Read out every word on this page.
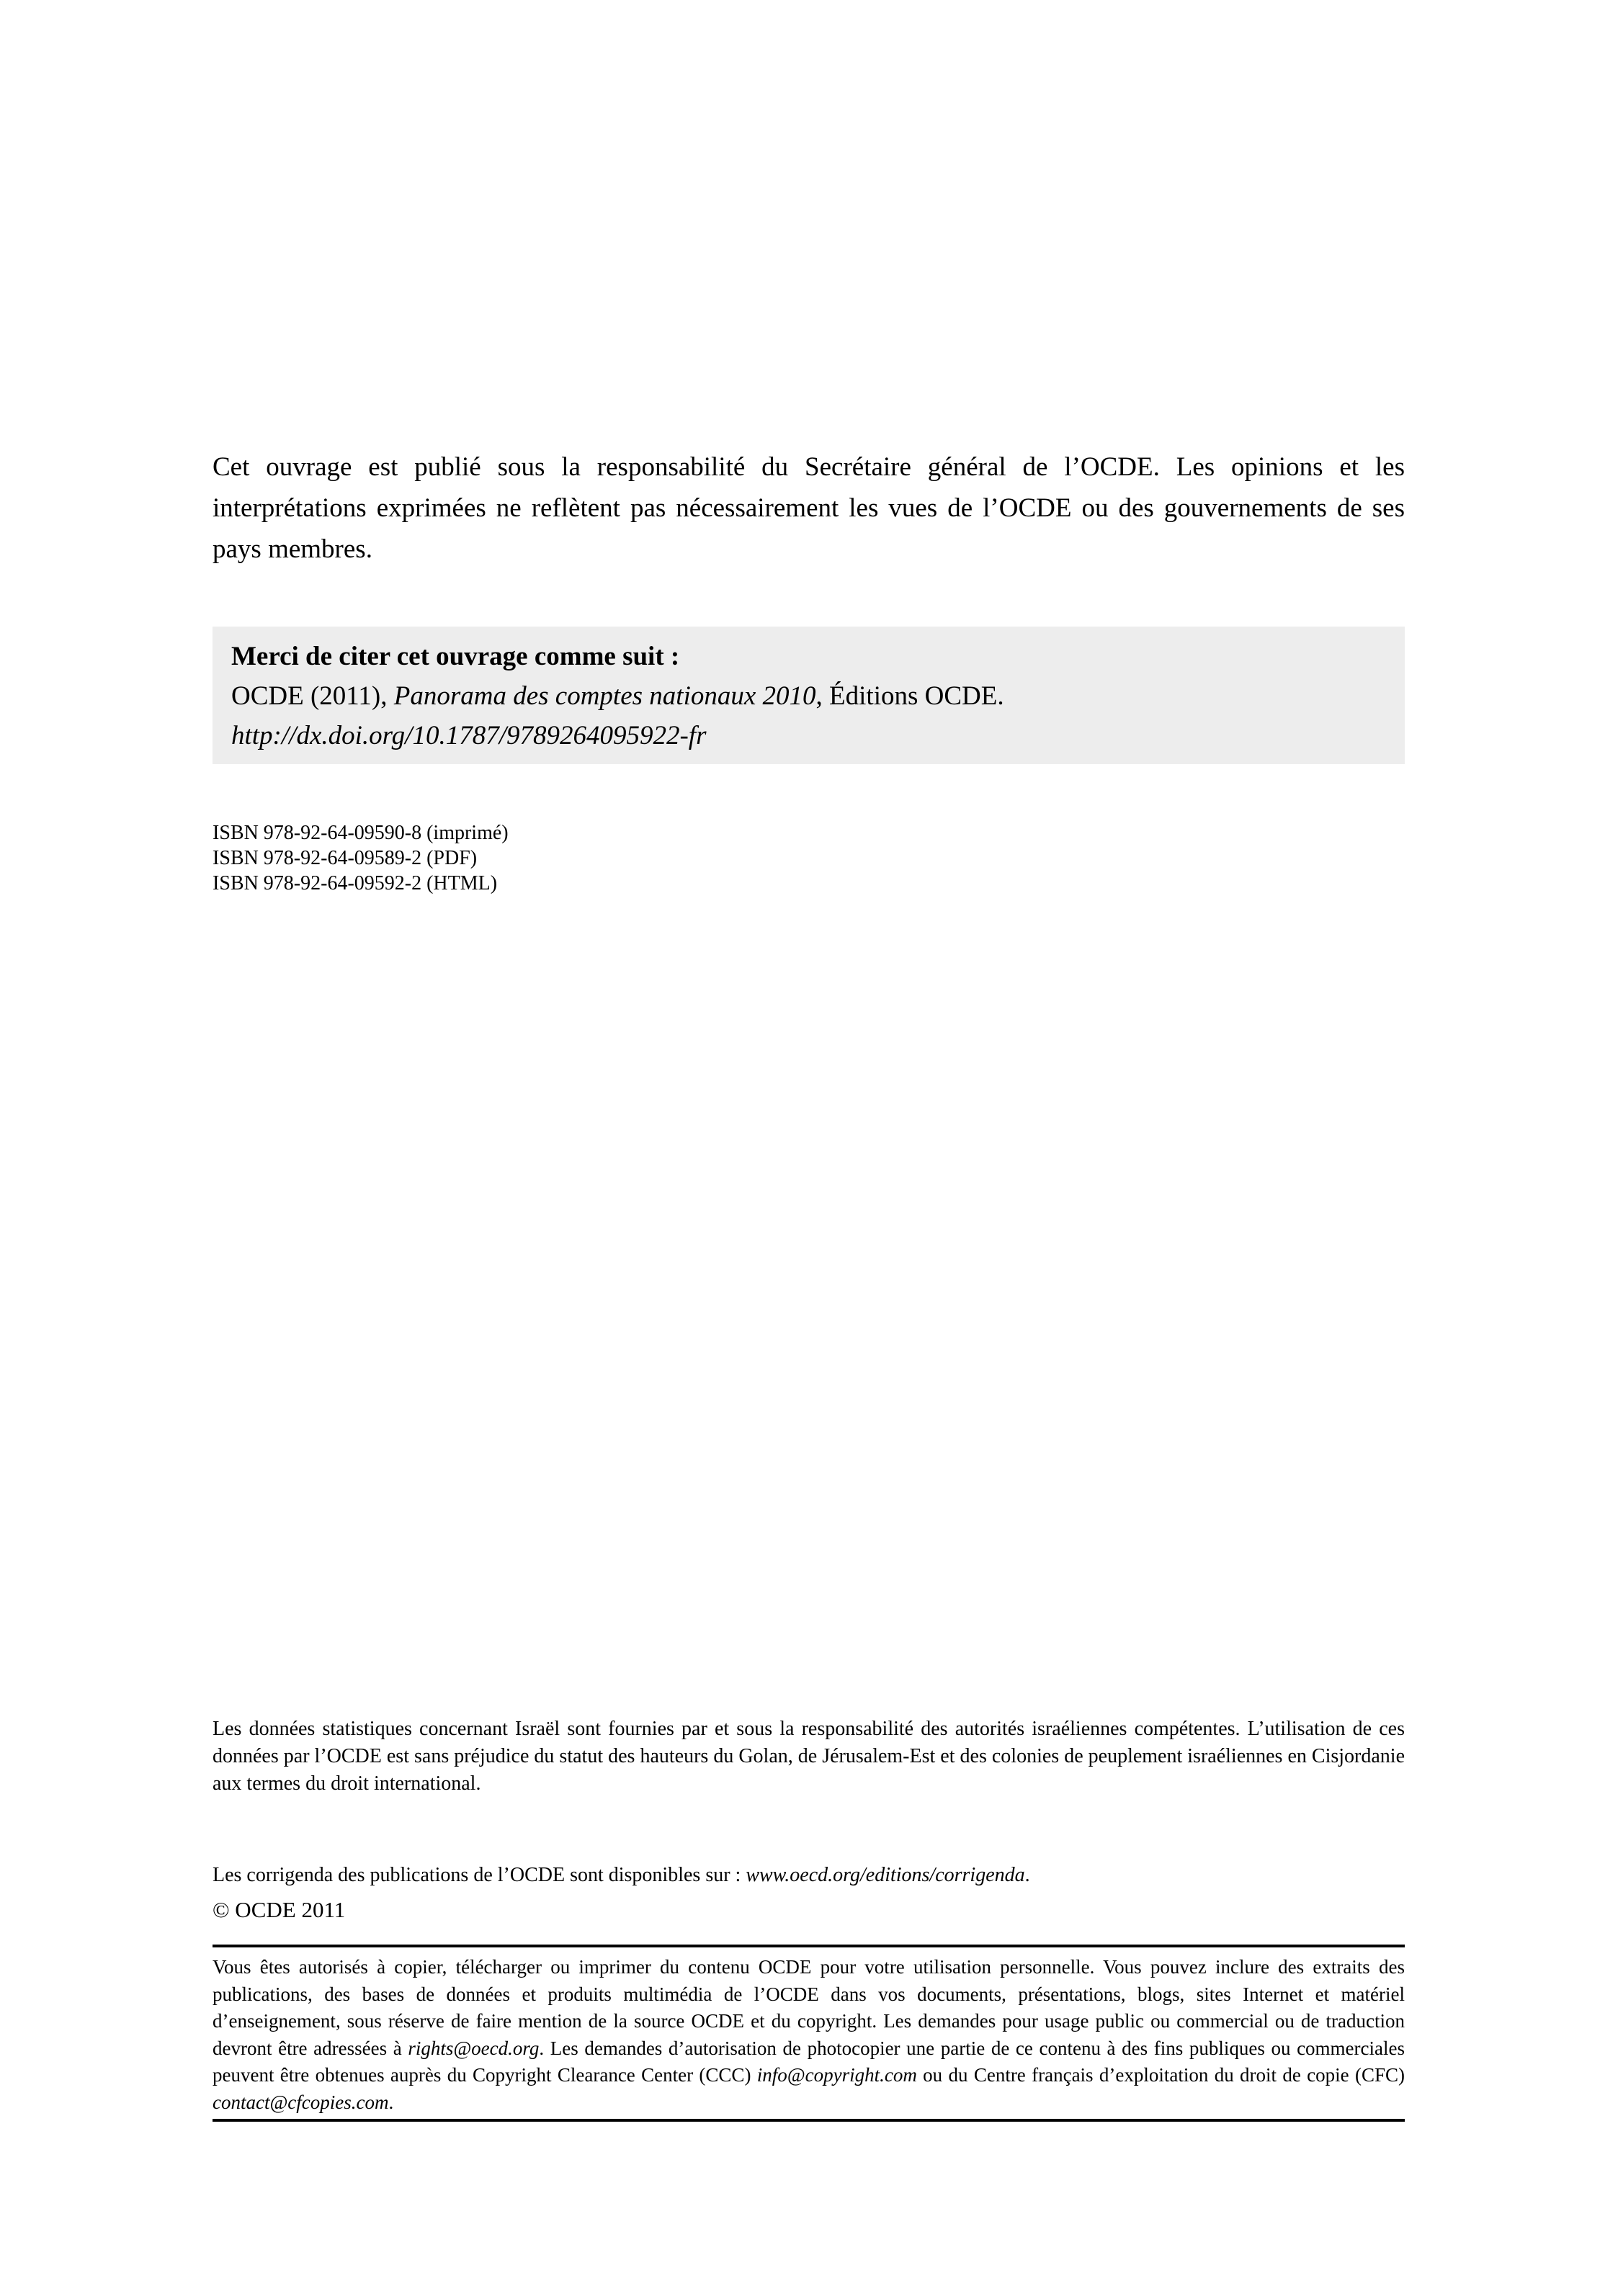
Cet ouvrage est publié sous la responsabilité du Secrétaire général de l’OCDE. Les opinions et les interprétations exprimées ne reflètent pas nécessairement les vues de l’OCDE ou des gouvernements de ses pays membres.

Merci de citer cet ouvrage comme suit :
OCDE (2011), Panorama des comptes nationaux 2010, Éditions OCDE.
http://dx.doi.org/10.1787/9789264095922-fr
ISBN 978-92-64-09590-8 (imprimé)
ISBN 978-92-64-09589-2 (PDF)
ISBN 978-92-64-09592-2 (HTML)

Les données statistiques concernant Israël sont fournies par et sous la responsabilité des autorités israéliennes compétentes. L’utilisation de ces données par l’OCDE est sans préjudice du statut des hauteurs du Golan, de Jérusalem-Est et des colonies de peuplement israéliennes en Cisjordanie aux termes du droit international.

Les corrigenda des publications de l’OCDE sont disponibles sur : www.oecd.org/editions/corrigenda.

© OCDE 2011

Vous êtes autorisés à copier, télécharger ou imprimer du contenu OCDE pour votre utilisation personnelle. Vous pouvez inclure des extraits des publications, des bases de données et produits multimédia de l’OCDE dans vos documents, présentations, blogs, sites Internet et matériel d’enseignement, sous réserve de faire mention de la source OCDE et du copyright. Les demandes pour usage public ou commercial ou de traduction devront être adressées à rights@oecd.org. Les demandes d’autorisation de photocopier une partie de ce contenu à des fins publiques ou commerciales peuvent être obtenues auprès du Copyright Clearance Center (CCC) info@copyright.com ou du Centre français d’exploitation du droit de copie (CFC) contact@cfcopies.com.
